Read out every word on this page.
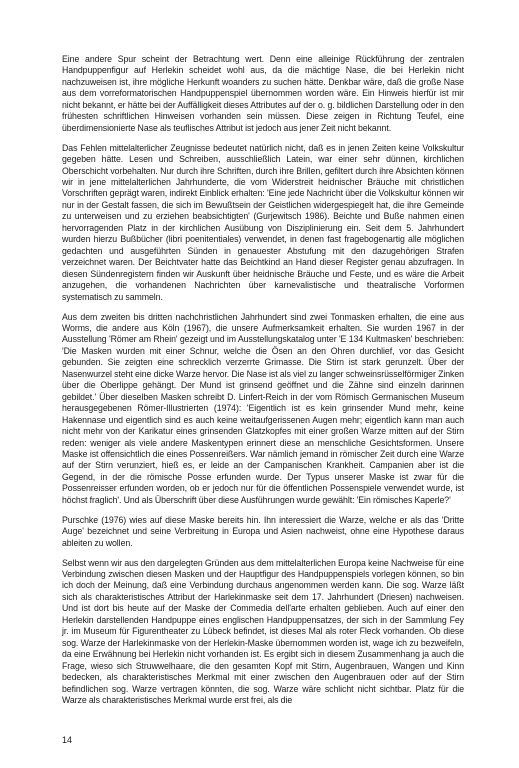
Eine andere Spur scheint der Betrachtung wert. Denn eine alleinige Rückführung der zentralen Handpuppenfigur auf Herlekin scheidet wohl aus, da die mächtige Nase, die bei Herlekin nicht nachzuweisen ist, ihre mögliche Herkunft woanders zu suchen hätte. Denkbar wäre, daß die große Nase aus dem vorreformatorischen Handpuppenspiel übernommen worden wäre. Ein Hinweis hierfür ist mir nicht bekannt, er hätte bei der Auffälligkeit dieses Attributes auf der o. g. bildlichen Darstellung oder in den frühesten schriftlichen Hinweisen vorhanden sein müssen. Diese zeigen in Richtung Teufel, eine überdimensionierte Nase als teuflisches Attribut ist jedoch aus jener Zeit nicht bekannt.

Das Fehlen mittelalterlicher Zeugnisse bedeutet natürlich nicht, daß es in jenen Zeiten keine Volkskultur gegeben hätte. Lesen und Schreiben, ausschließlich Latein, war einer sehr dünnen, kirchlichen Oberschicht vorbehalten. Nur durch ihre Schriften, durch ihre Brillen, gefiltert durch ihre Absichten können wir in jene mittelalterlichen Jahrhunderte, die vom Widerstreit heidnischer Bräuche mit christlichen Vorschriften geprägt waren, indirekt Einblick erhalten: 'Eine jede Nachricht über die Volkskultur können wir nur in der Gestalt fassen, die sich im Bewußtsein der Geistlichen widergespiegelt hat, die ihre Gemeinde zu unterweisen und zu erziehen beabsichtigten' (Gurjewitsch 1986). Beichte und Buße nahmen einen hervorragenden Platz in der kirchlichen Ausübung von Disziplinierung ein. Seit dem 5. Jahrhundert wurden hierzu Bußbücher (libri poenitentiales) verwendet, in denen fast fragebogenartig alle möglichen gedachten und ausgeführten Sünden in genauester Abstufung mit den dazugehörigen Strafen verzeichnet waren. Der Beichtvater hatte das Beichtkind an Hand dieser Register genau abzufragen. In diesen Sündenregistern finden wir Auskunft über heidnische Bräuche und Feste, und es wäre die Arbeit anzugehen, die vorhandenen Nachrichten über karnevalistische und theatralische Vorformen systematisch zu sammeln.

Aus dem zweiten bis dritten nachchristlichen Jahrhundert sind zwei Tonmasken erhalten, die eine aus Worms, die andere aus Köln (1967), die unsere Aufmerksamkeit erhalten. Sie wurden 1967 in der Ausstellung 'Römer am Rhein' gezeigt und im Ausstellungskatalog unter 'E 134 Kultmasken' beschrieben: 'Die Masken wurden mit einer Schnur, welche die Ösen an den Ohren durchlief, vor das Gesicht gebunden. Sie zeigten eine schrecklich verzerrte Grimasse. Die Stirn ist stark gerunzelt. Über der Nasenwurzel steht eine dicke Warze hervor. Die Nase ist als viel zu langer schweinsrüsselförmiger Zinken über die Oberlippe gehängt. Der Mund ist grinsend geöffnet und die Zähne sind einzeln darinnen gebildet.' Über dieselben Masken schreibt D. Linfert-Reich in der vom Römisch Germanischen Museum herausgegebenen Römer-Illustrierten (1974): 'Eigentlich ist es kein grinsender Mund mehr, keine Hakennase und eigentlich sind es auch keine weitaufgerissenen Augen mehr; eigentlich kann man auch nicht mehr von der Karikatur eines grinsenden Glatzkopfes mit einer großen Warze mitten auf der Stirn reden: weniger als viele andere Maskentypen erinnert diese an menschliche Gesichtsformen. Unsere Maske ist offensichtlich die eines Possenreißers. War nämlich jemand in römischer Zeit durch eine Warze auf der Stirn verunziert, hieß es, er leide an der Campanischen Krankheit. Campanien aber ist die Gegend, in der die römische Posse erfunden wurde. Der Typus unserer Maske ist zwar für die Possenreisser erfunden worden, ob er jedoch nur für die öffentlichen Possenspiele verwendet wurde, ist höchst fraglich'. Und als Überschrift über diese Ausführungen wurde gewählt: 'Ein römisches Kaperle?'

Purschke (1976) wies auf diese Maske bereits hin. Ihn interessiert die Warze, welche er als das 'Dritte Auge' bezeichnet und seine Verbreitung in Europa und Asien nachweist, ohne eine Hypothese daraus ableiten zu wollen.

Selbst wenn wir aus den dargelegten Gründen aus dem mittelalterlichen Europa keine Nachweise für eine Verbindung zwischen diesen Masken und der Hauptfigur des Handpuppenspiels vorlegen können, so bin ich doch der Meinung, daß eine Verbindung durchaus angenommen werden kann. Die sog. Warze läßt sich als charakteristisches Attribut der Harlekinmaske seit dem 17. Jahrhundert (Driesen) nachweisen. Und ist dort bis heute auf der Maske der Commedia dell'arte erhalten geblieben. Auch auf einer den Herlekin darstellenden Handpuppe eines englischen Handpuppensatzes, der sich in der Sammlung Fey jr. im Museum für Figurentheater zu Lübeck befindet, ist dieses Mal als roter Fleck vorhanden. Ob diese sog. Warze der Harlekinmaske von der Herlekin-Maske übernommen worden ist, wage ich zu bezweifeln, da eine Erwähnung bei Herlekin nicht vorhanden ist. Es ergibt sich in diesem Zusammenhang ja auch die Frage, wieso sich Struwwelhaare, die den gesamten Kopf mit Stirn, Augenbrauen, Wangen und Kinn bedecken, als charakteristisches Merkmal mit einer zwischen den Augenbrauen oder auf der Stirn befindlichen sog. Warze vertragen könnten, die sog. Warze wäre schlicht nicht sichtbar. Platz für die Warze als charakteristisches Merkmal wurde erst frei, als die

14
